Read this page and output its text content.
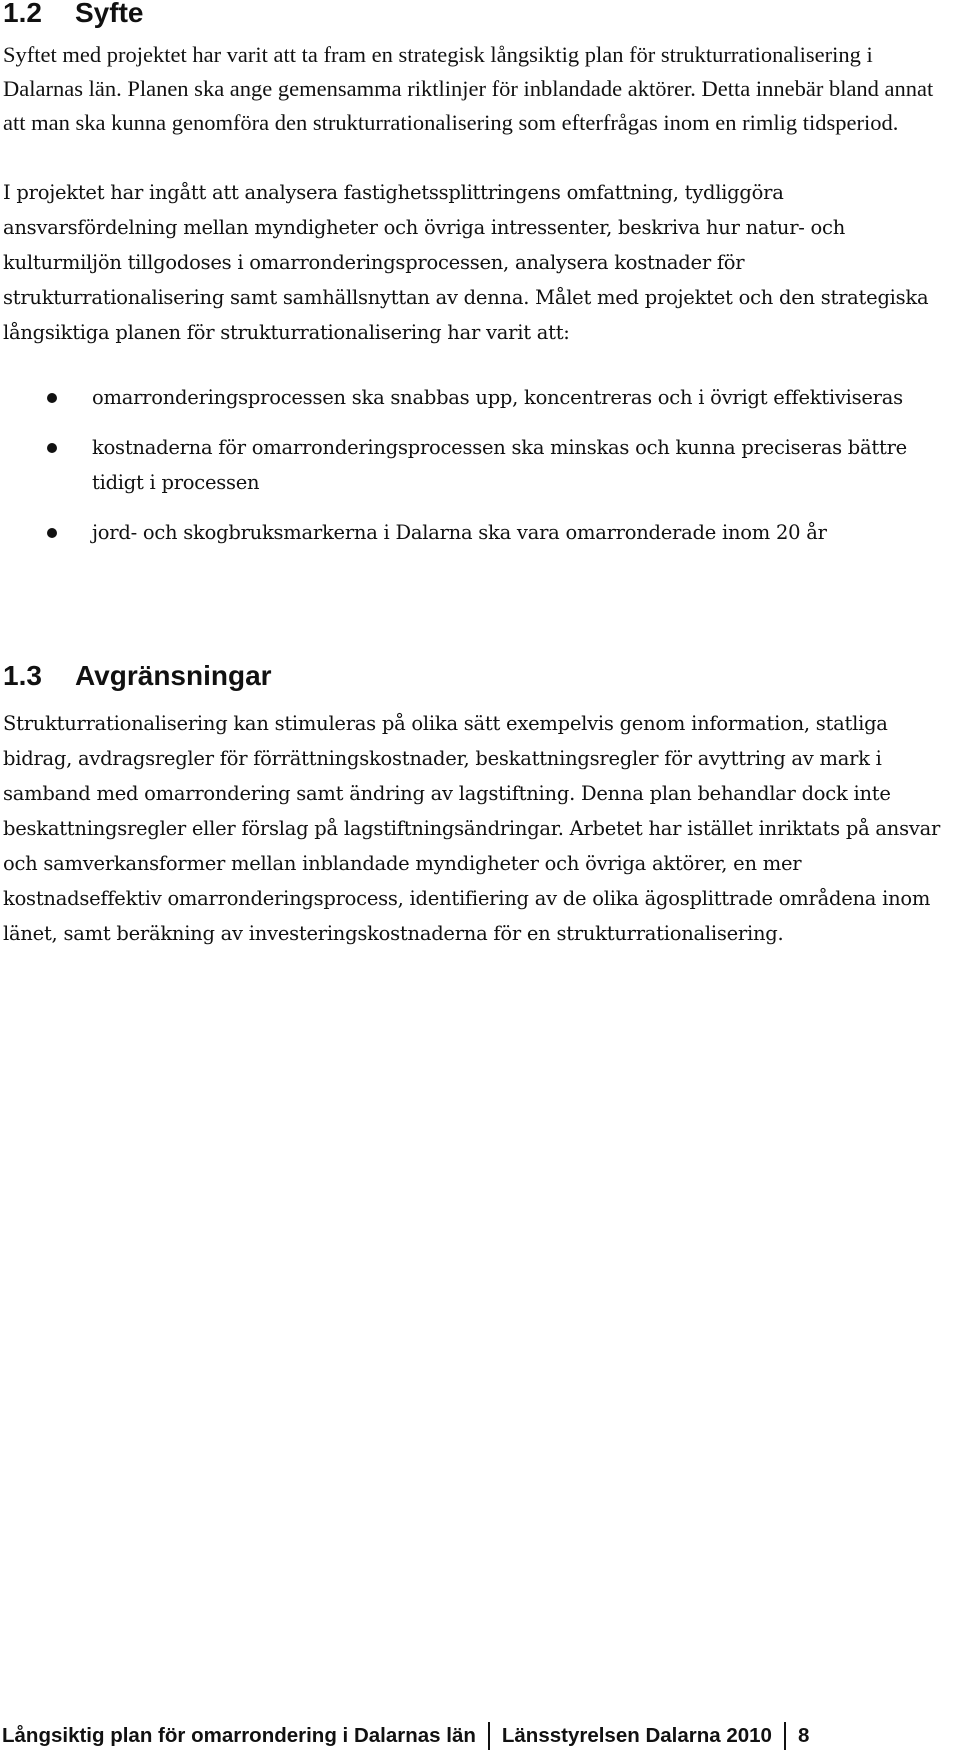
1.2 Syfte

Syftet med projektet har varit att ta fram en strategisk långsiktig plan för strukturrationalisering i Dalarnas län. Planen ska ange gemensamma riktlinjer för inblandade aktörer. Detta innebär bland annat att man ska kunna genomföra den strukturrationalisering som efterfrågas inom en rimlig tidsperiod.

I projektet har ingått att analysera fastighetssplittringens omfattning, tydliggöra ansvarsfördelning mellan myndigheter och övriga intressenter, beskriva hur natur- och kulturmiljön tillgodoses i omarronderingsprocessen, analysera kostnader för strukturrationalisering samt samhällsnyttan av denna. Målet med projektet och den strategiska långsiktiga planen för strukturrationalisering har varit att:

omarronderingsprocessen ska snabbas upp, koncentreras och i övrigt effektiviseras
kostnaderna för omarronderingsprocessen ska minskas och kunna preciseras bättre tidigt i processen
jord- och skogbruksmarkerna i Dalarna ska vara omarronderade inom 20 år
1.3 Avgränsningar

Strukturrationalisering kan stimuleras på olika sätt exempelvis genom information, statliga bidrag, avdragsregler för förrättningskostnader, beskattningsregler för avyttring av mark i samband med omarrondering samt ändring av lagstiftning. Denna plan behandlar dock inte beskattningsregler eller förslag på lagstiftningsändringar. Arbetet har istället inriktats på ansvar och samverkansformer mellan inblandade myndigheter och övriga aktörer, en mer kostnadseffektiv omarronderingsprocess, identifiering av de olika ägosplittrade områdena inom länet, samt beräkning av investeringskostnaderna för en strukturrationalisering.

Långsiktig plan för omarrondering i Dalarnas län Länsstyrelsen Dalarna 2010 8
